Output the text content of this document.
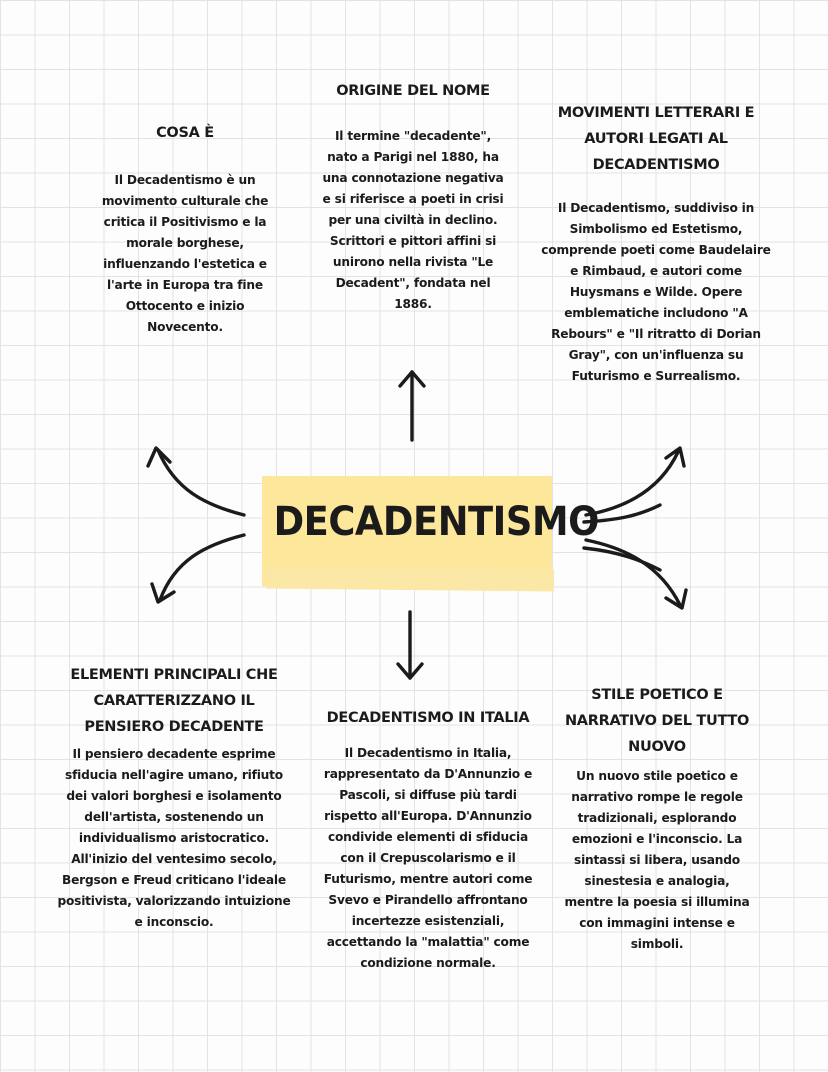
DECADENTISMO

COSA È

Il Decadentismo è un movimento culturale che critica il Positivismo e la morale borghese, influenzando l'estetica e l'arte in Europa tra fine Ottocento e inizio Novecento.

ORIGINE DEL NOME

Il termine "decadente", nato a Parigi nel 1880, ha una connotazione negativa e si riferisce a poeti in crisi per una civiltà in declino. Scrittori e pittori affini si unirono nella rivista "Le Decadent", fondata nel 1886.

MOVIMENTI LETTERARI E AUTORI LEGATI AL DECADENTISMO

Il Decadentismo, suddiviso in Simbolismo ed Estetismo, comprende poeti come Baudelaire e Rimbaud, e autori come Huysmans e Wilde. Opere emblematiche includono "A Rebours" e "Il ritratto di Dorian Gray", con un'influenza su Futurismo e Surrealismo.

ELEMENTI PRINCIPALI CHE CARATTERIZZANO IL PENSIERO DECADENTE

Il pensiero decadente esprime sfiducia nell'agire umano, rifiuto dei valori borghesi e isolamento dell'artista, sostenendo un individualismo aristocratico. All'inizio del ventesimo secolo, Bergson e Freud criticano l'ideale positivista, valorizzando intuizione e inconscio.

DECADENTISMO IN ITALIA

Il Decadentismo in Italia, rappresentato da D'Annunzio e Pascoli, si diffuse più tardi rispetto all'Europa. D'Annunzio condivide elementi di sfiducia con il Crepuscolarismo e il Futurismo, mentre autori come Svevo e Pirandello affrontano incertezze esistenziali, accettando la "malattia" come condizione normale.

STILE POETICO E NARRATIVO DEL TUTTO NUOVO

Un nuovo stile poetico e narrativo rompe le regole tradizionali, esplorando emozioni e l'inconscio. La sintassi si libera, usando sinestesia e analogia, mentre la poesia si illumina con immagini intense e simboli.
